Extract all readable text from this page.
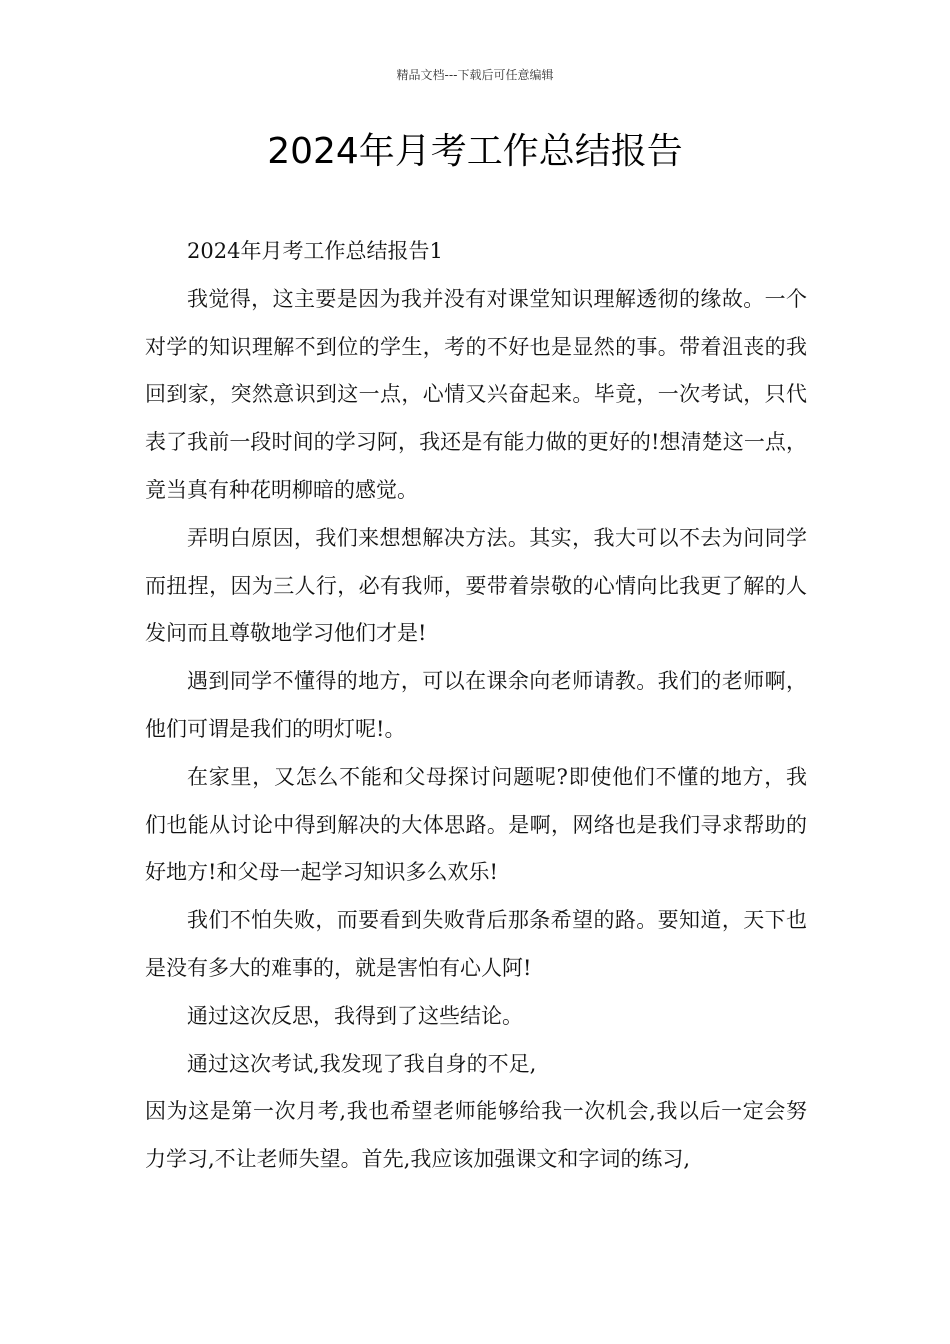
精品文档---下载后可任意编辑
2024年月考工作总结报告

2024年月考工作总结报告1

我觉得，这主要是因为我并没有对课堂知识理解透彻的缘故。一个对学的知识理解不到位的学生，考的不好也是显然的事。带着沮丧的我回到家，突然意识到这一点，心情又兴奋起来。毕竟，一次考试，只代表了我前一段时间的学习阿，我还是有能力做的更好的!想清楚这一点，竟当真有种花明柳暗的感觉。

弄明白原因，我们来想想解决方法。其实，我大可以不去为问同学而扭捏，因为三人行，必有我师，要带着崇敬的心情向比我更了解的人发问而且尊敬地学习他们才是!

遇到同学不懂得的地方，可以在课余向老师请教。我们的老师啊，他们可谓是我们的明灯呢!。

在家里，又怎么不能和父母探讨问题呢?即使他们不懂的地方，我们也能从讨论中得到解决的大体思路。是啊，网络也是我们寻求帮助的好地方!和父母一起学习知识多么欢乐!

我们不怕失败，而要看到失败背后那条希望的路。要知道，天下也是没有多大的难事的，就是害怕有心人阿!

通过这次反思，我得到了这些结论。

通过这次考试,我发现了我自身的不足,

因为这是第一次月考,我也希望老师能够给我一次机会,我以后一定会努力学习,不让老师失望。首先,我应该加强课文和字词的练习,
